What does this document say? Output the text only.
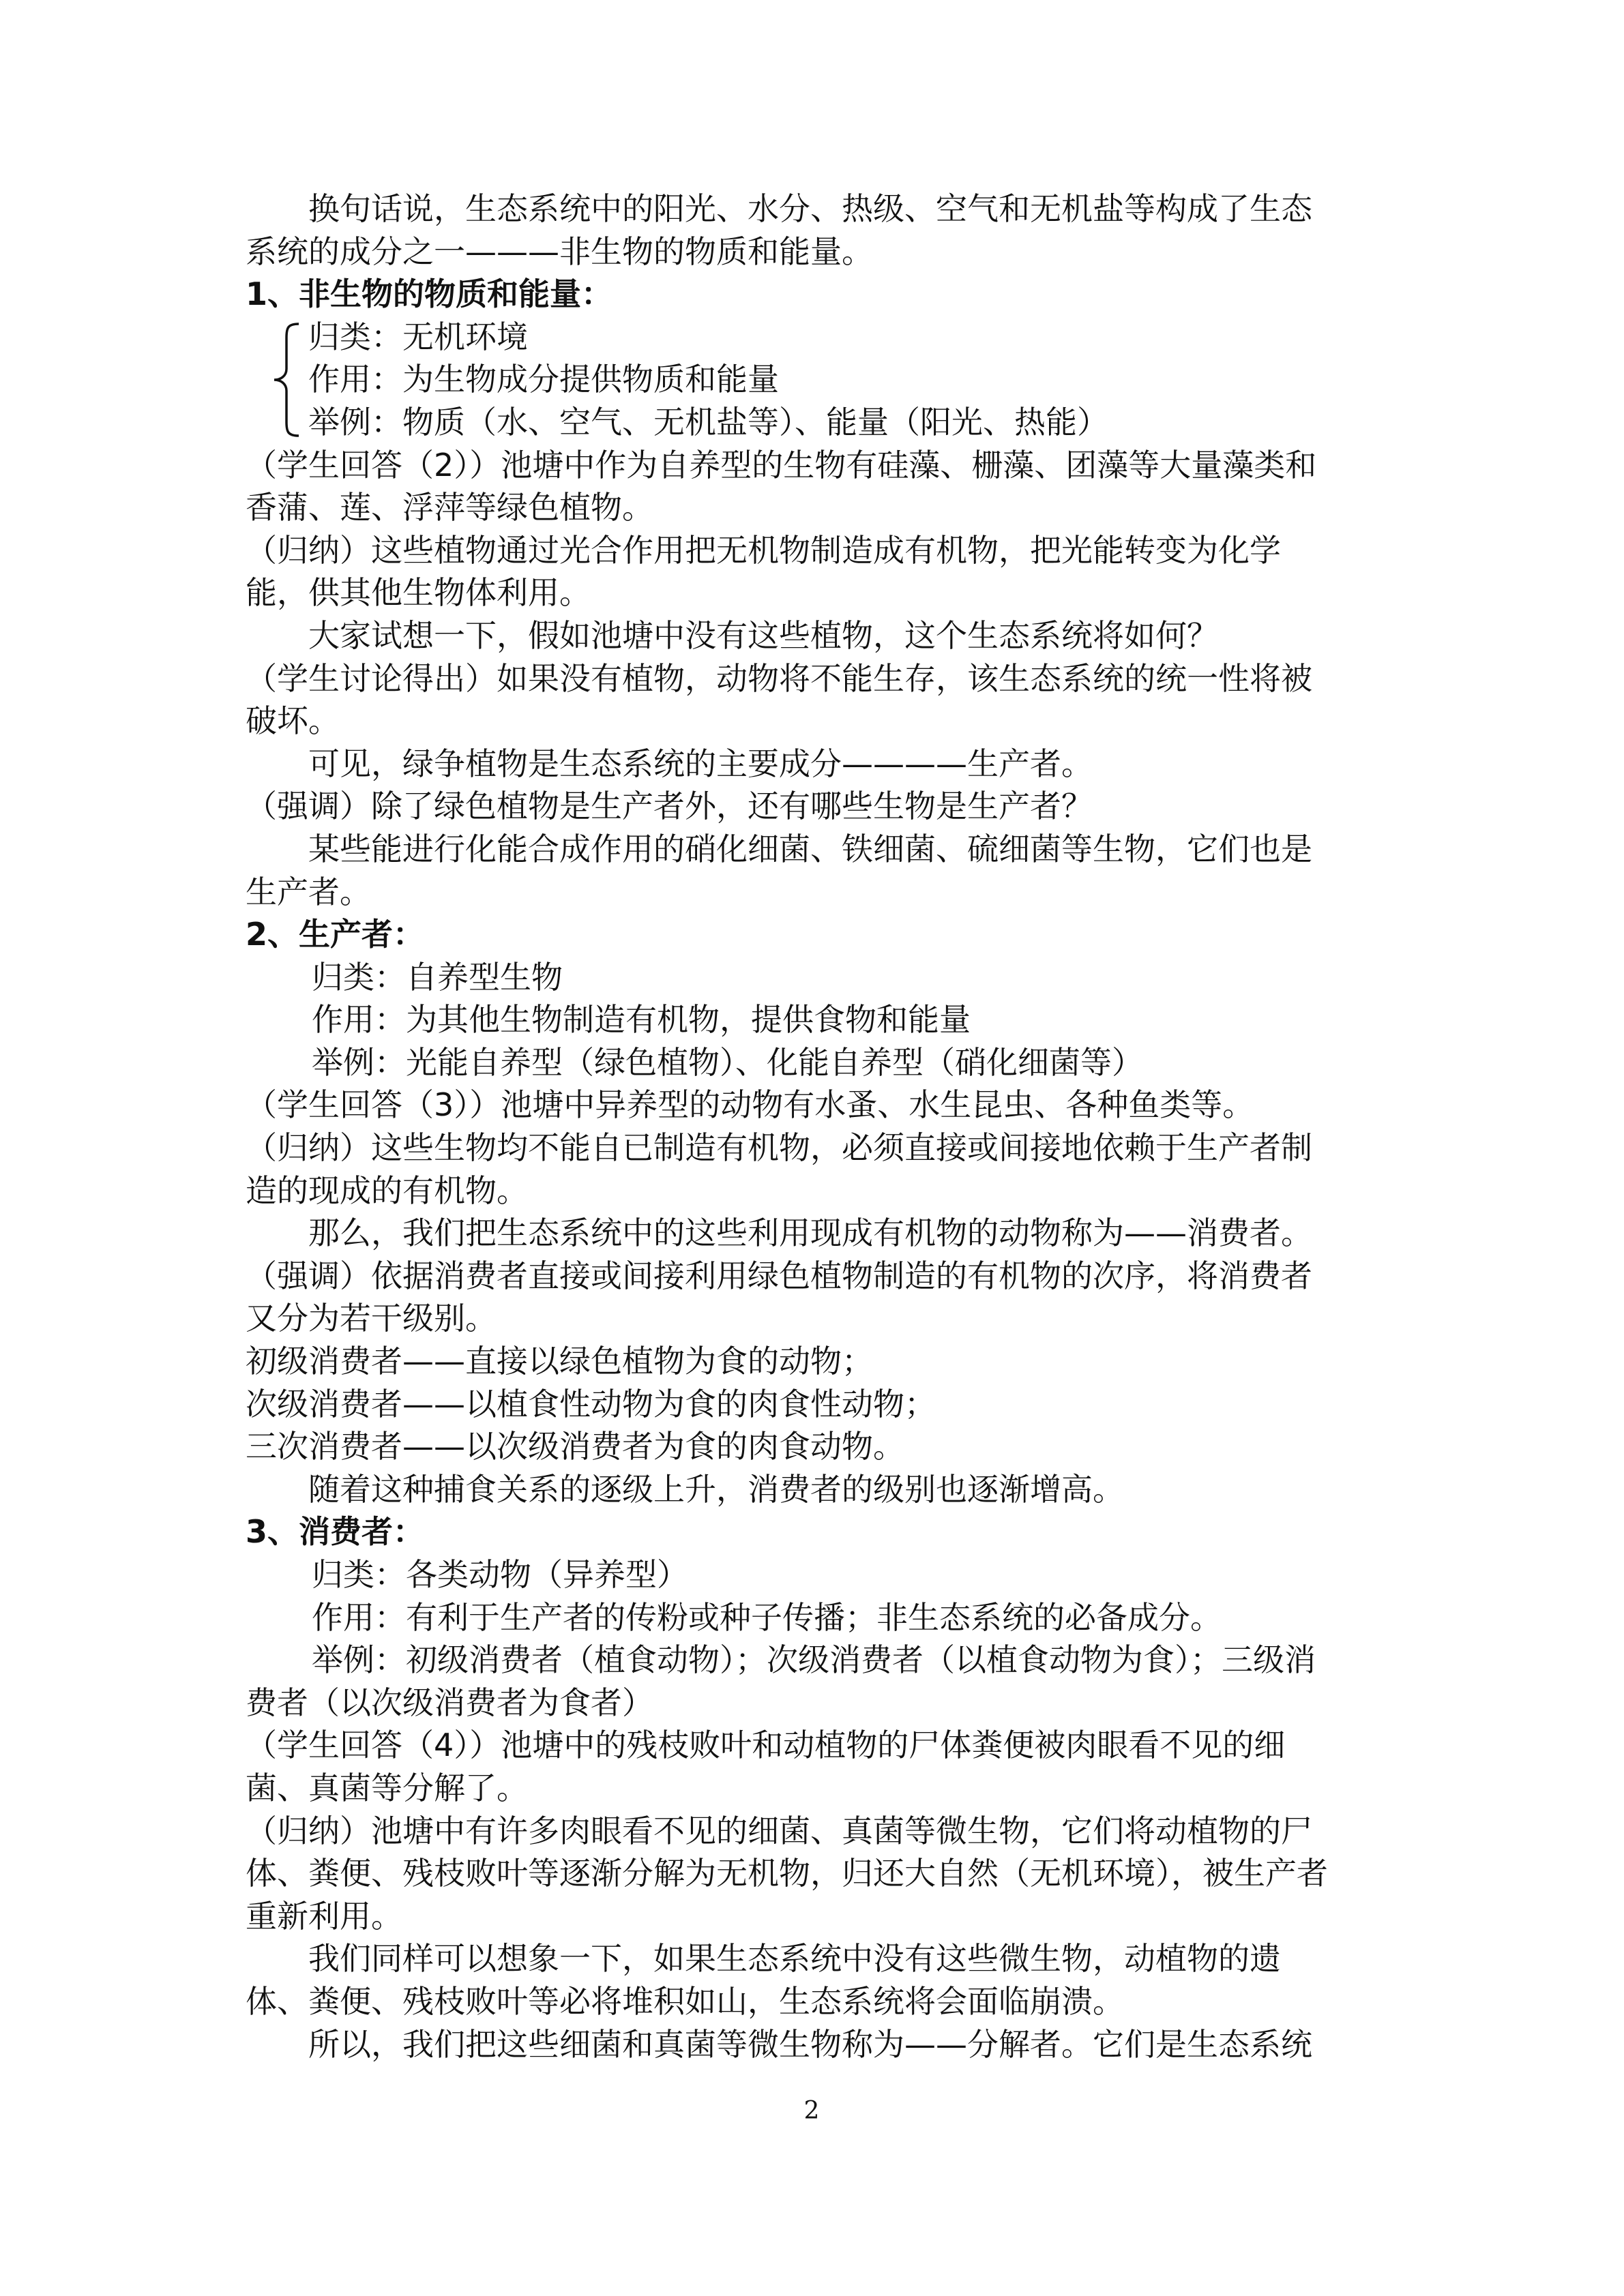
换句话说，生态系统中的阳光、水分、热级、空气和无机盐等构成了生态
系统的成分之一———非生物的物质和能量。
1、非生物的物质和能量：
归类：无机环境
作用：为生物成分提供物质和能量
举例：物质（水、空气、无机盐等）、能量（阳光、热能）
（学生回答（2））池塘中作为自养型的生物有硅藻、栅藻、团藻等大量藻类和
香蒲、莲、浮萍等绿色植物。
（归纳）这些植物通过光合作用把无机物制造成有机物，把光能转变为化学
能，供其他生物体利用。
大家试想一下，假如池塘中没有这些植物，这个生态系统将如何？
（学生讨论得出）如果没有植物，动物将不能生存，该生态系统的统一性将被
破坏。
可见，绿争植物是生态系统的主要成分————生产者。
（强调）除了绿色植物是生产者外，还有哪些生物是生产者？
某些能进行化能合成作用的硝化细菌、铁细菌、硫细菌等生物，它们也是
生产者。
2、生产者：
归类：自养型生物
作用：为其他生物制造有机物，提供食物和能量
举例：光能自养型（绿色植物）、化能自养型（硝化细菌等）
（学生回答（3））池塘中异养型的动物有水蚤、水生昆虫、各种鱼类等。
（归纳）这些生物均不能自已制造有机物，必须直接或间接地依赖于生产者制
造的现成的有机物。
那么，我们把生态系统中的这些利用现成有机物的动物称为——消费者。
（强调）依据消费者直接或间接利用绿色植物制造的有机物的次序，将消费者
又分为若干级别。
初级消费者——直接以绿色植物为食的动物；
次级消费者——以植食性动物为食的肉食性动物；
三次消费者——以次级消费者为食的肉食动物。
随着这种捕食关系的逐级上升，消费者的级别也逐渐增高。
3、消费者：
归类：各类动物（异养型）
作用：有利于生产者的传粉或种子传播；非生态系统的必备成分。
举例：初级消费者（植食动物）；次级消费者（以植食动物为食）；三级消
费者（以次级消费者为食者）
（学生回答（4））池塘中的残枝败叶和动植物的尸体粪便被肉眼看不见的细
菌、真菌等分解了。
（归纳）池塘中有许多肉眼看不见的细菌、真菌等微生物，它们将动植物的尸
体、粪便、残枝败叶等逐渐分解为无机物，归还大自然（无机环境），被生产者
重新利用。
我们同样可以想象一下，如果生态系统中没有这些微生物，动植物的遗
体、粪便、残枝败叶等必将堆积如山，生态系统将会面临崩溃。
所以，我们把这些细菌和真菌等微生物称为——分解者。它们是生态系统
2
